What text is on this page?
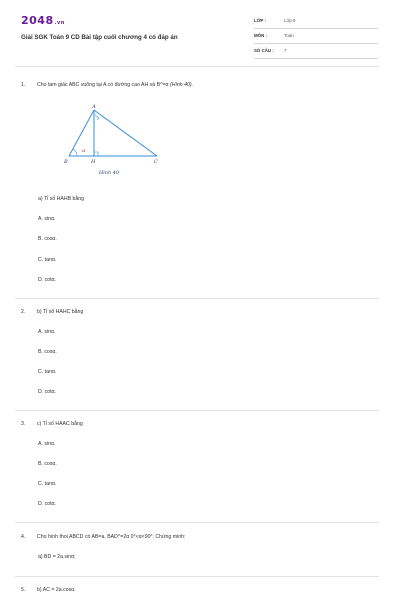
2048.vn
Giải SGK Toán 9 CD Bài tập cuối chương 4 có đáp án
LỚP :	Lớp 9
MÔN :	Toán
SỐ CÂU : 7
1. Cho tam giác ABC vuông tại A có đường cao AH và B^=α (Hình 40).
A
B	C
H
α
Hình 40
a) Tỉ số HAHB bằng
A. sinα.
B. cosα.
C. tanα.
D. cotα.
2. b) Tỉ số HAHC bằng
A. sinα.
B. cosα.
C. tanα.
D. cotα.
3. c) Tỉ số HAAC bằng
A. sinα.
B. cosα.
C. tanα.
D. cotα.
4. Cho hình thoi ABCD có AB=a, BAD^=2α 0°<α<90°. Chứng minh:
a) BD = 2a.sinα;
5. b) AC = 2a.cosα.
